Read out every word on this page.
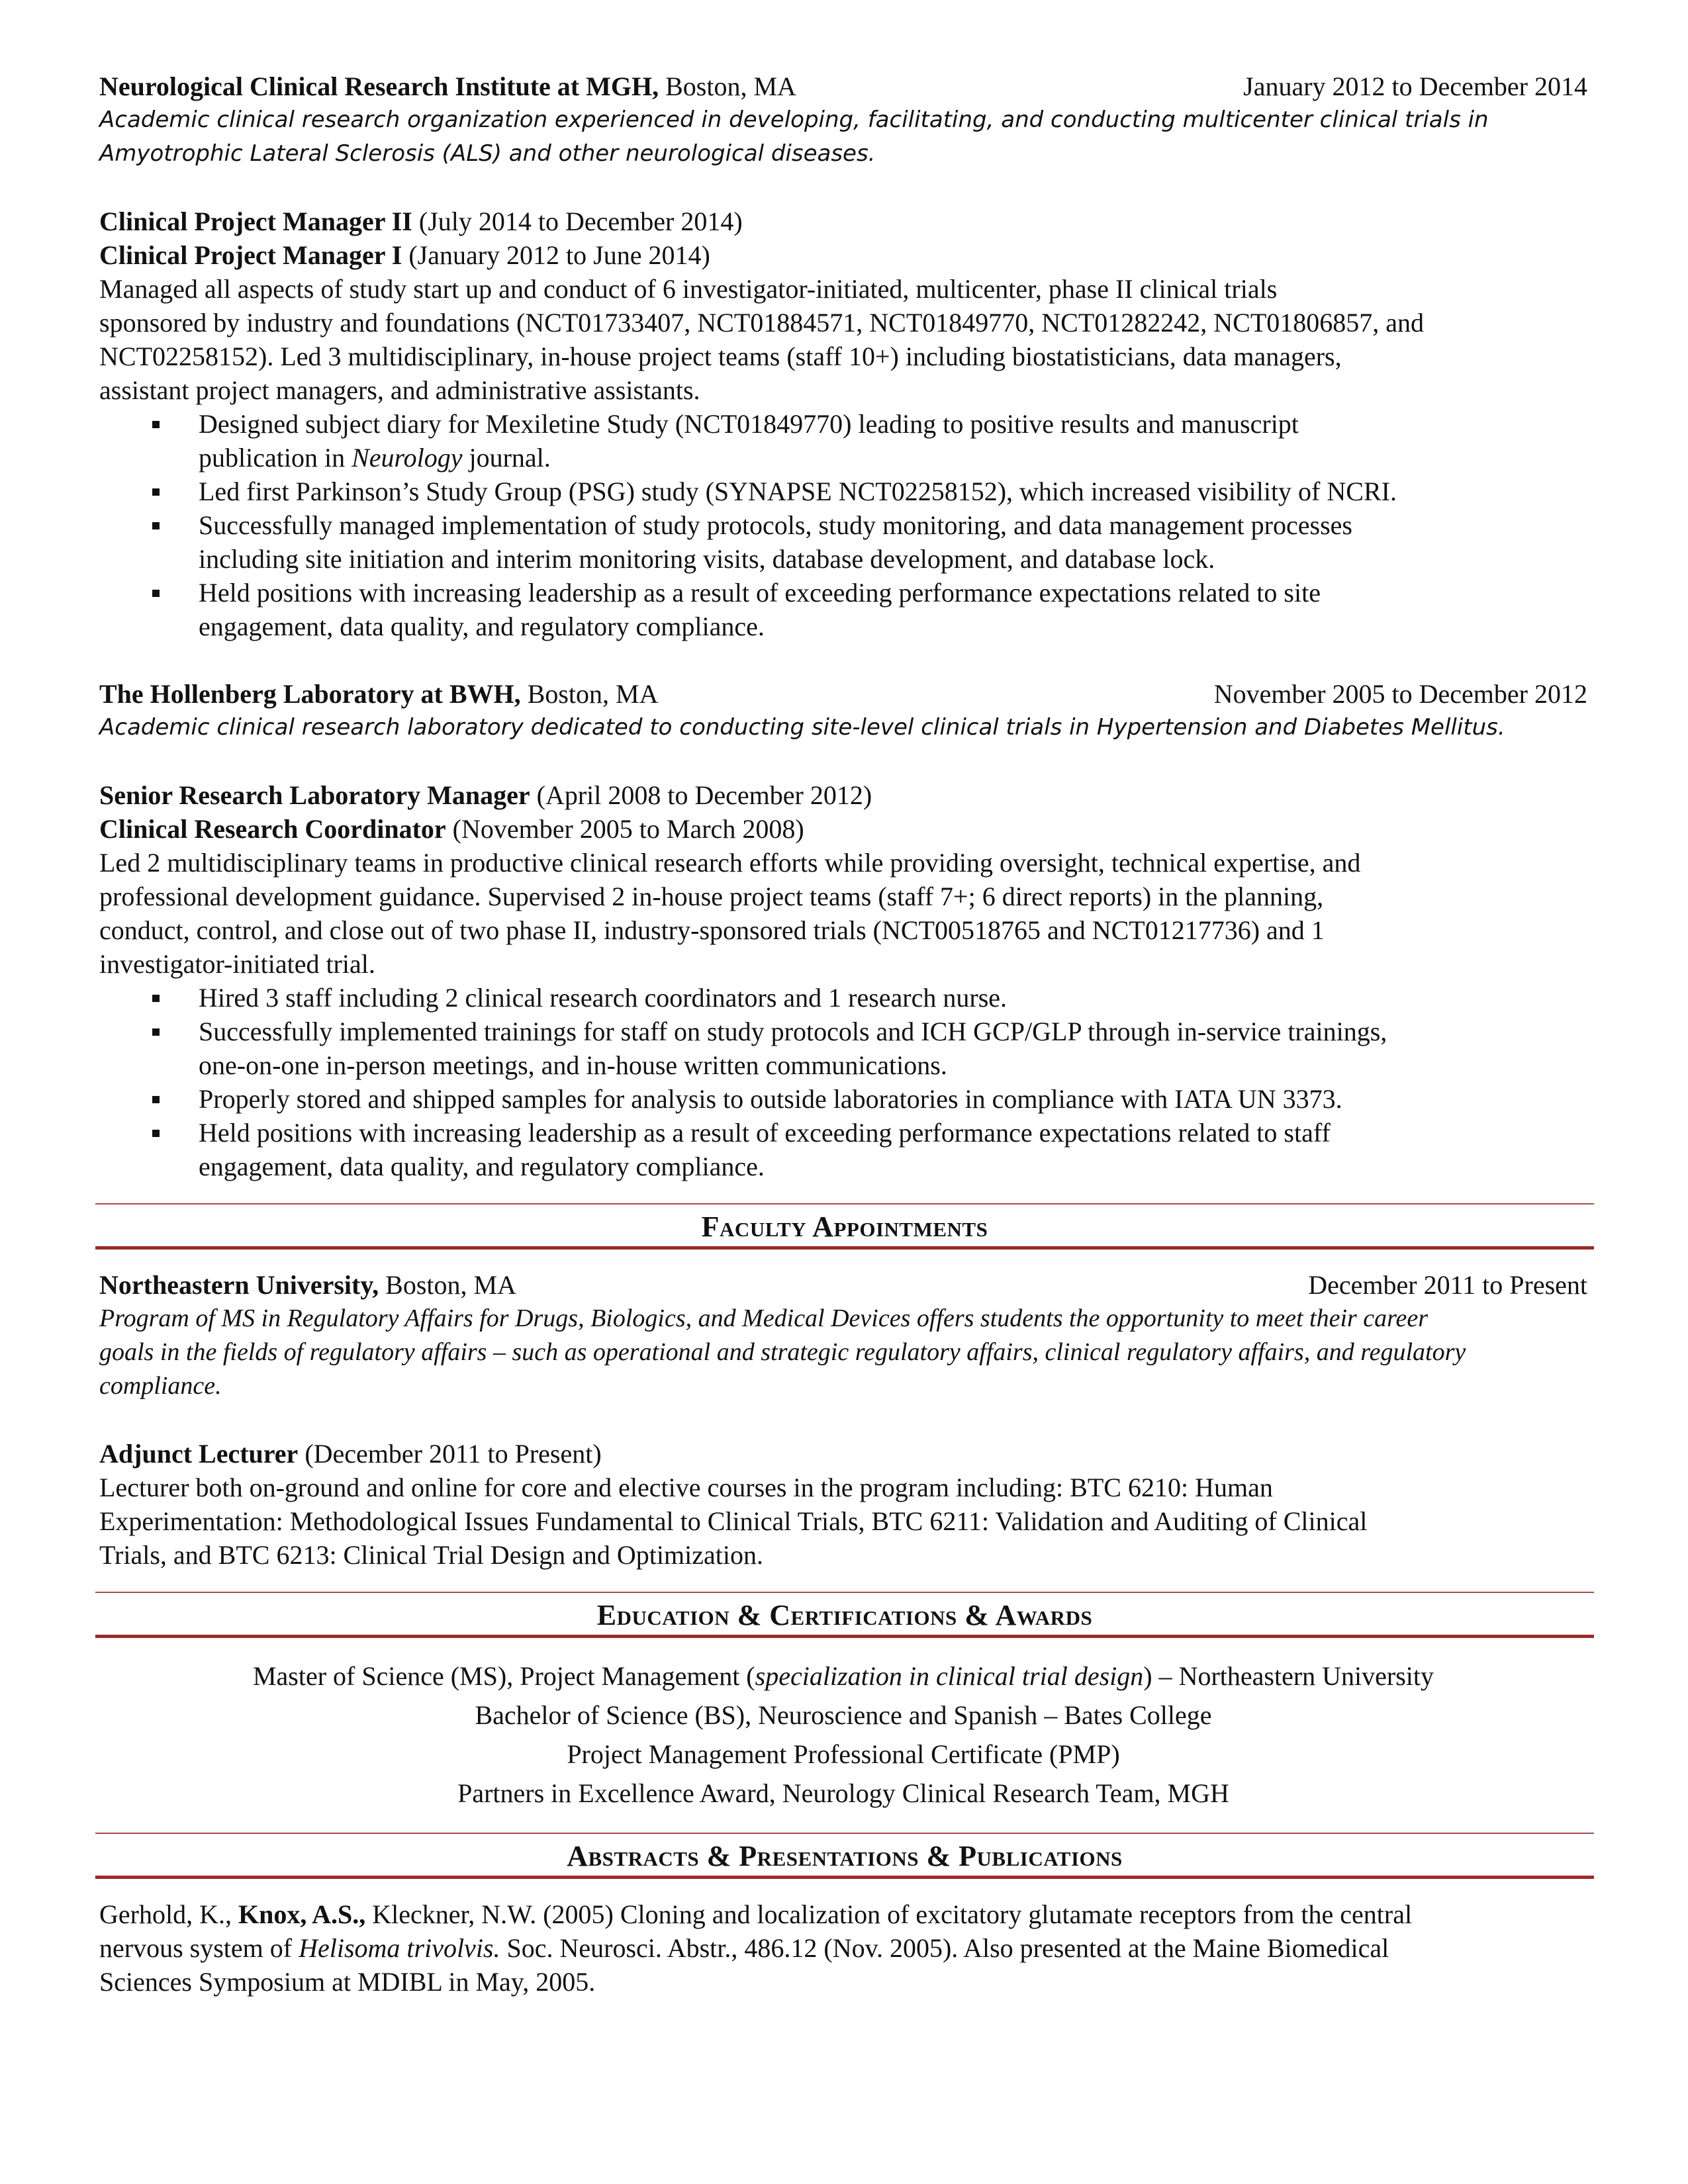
Neurological Clinical Research Institute at MGH, Boston, MA	January 2012 to December 2014
Academic clinical research organization experienced in developing, facilitating, and conducting multicenter clinical trials in
Amyotrophic Lateral Sclerosis (ALS) and other neurological diseases.
Clinical Project Manager II (July 2014 to December 2014)
Clinical Project Manager I (January 2012 to June 2014)
Managed all aspects of study start up and conduct of 6 investigator-initiated, multicenter, phase II clinical trials
sponsored by industry and foundations (NCT01733407, NCT01884571, NCT01849770, NCT01282242, NCT01806857, and
NCT02258152). Led 3 multidisciplinary, in-house project teams (staff 10+) including biostatisticians, data managers,
assistant project managers, and administrative assistants.
Designed subject diary for Mexiletine Study (NCT01849770) leading to positive results and manuscript
publication in Neurology journal.
Led first Parkinson’s Study Group (PSG) study (SYNAPSE NCT02258152), which increased visibility of NCRI.
Successfully managed implementation of study protocols, study monitoring, and data management processes
including site initiation and interim monitoring visits, database development, and database lock.
Held positions with increasing leadership as a result of exceeding performance expectations related to site
engagement, data quality, and regulatory compliance.
The Hollenberg Laboratory at BWH, Boston, MA	November 2005 to December 2012
Academic clinical research laboratory dedicated to conducting site-level clinical trials in Hypertension and Diabetes Mellitus.
Senior Research Laboratory Manager (April 2008 to December 2012)
Clinical Research Coordinator (November 2005 to March 2008)
Led 2 multidisciplinary teams in productive clinical research efforts while providing oversight, technical expertise, and
professional development guidance. Supervised 2 in-house project teams (staff 7+; 6 direct reports) in the planning,
conduct, control, and close out of two phase II, industry-sponsored trials (NCT00518765 and NCT01217736) and 1
investigator-initiated trial.
Hired 3 staff including 2 clinical research coordinators and 1 research nurse.
Successfully implemented trainings for staff on study protocols and ICH GCP/GLP through in-service trainings,
one-on-one in-person meetings, and in-house written communications.
Properly stored and shipped samples for analysis to outside laboratories in compliance with IATA UN 3373.
Held positions with increasing leadership as a result of exceeding performance expectations related to staff
engagement, data quality, and regulatory compliance.
Faculty Appointments
Northeastern University, Boston, MA	December 2011 to Present
Program of MS in Regulatory Affairs for Drugs, Biologics, and Medical Devices offers students the opportunity to meet their career
goals in the fields of regulatory affairs – such as operational and strategic regulatory affairs, clinical regulatory affairs, and regulatory
compliance.
Adjunct Lecturer (December 2011 to Present)
Lecturer both on-ground and online for core and elective courses in the program including: BTC 6210: Human
Experimentation: Methodological Issues Fundamental to Clinical Trials, BTC 6211: Validation and Auditing of Clinical
Trials, and BTC 6213: Clinical Trial Design and Optimization.
Education & Certifications & Awards
Master of Science (MS), Project Management (specialization in clinical trial design) – Northeastern University
Bachelor of Science (BS), Neuroscience and Spanish – Bates College
Project Management Professional Certificate (PMP)
Partners in Excellence Award, Neurology Clinical Research Team, MGH
Abstracts & Presentations & Publications
Gerhold, K., Knox, A.S., Kleckner, N.W. (2005) Cloning and localization of excitatory glutamate receptors from the central
nervous system of Helisoma trivolvis. Soc. Neurosci. Abstr., 486.12 (Nov. 2005). Also presented at the Maine Biomedical
Sciences Symposium at MDIBL in May, 2005.
